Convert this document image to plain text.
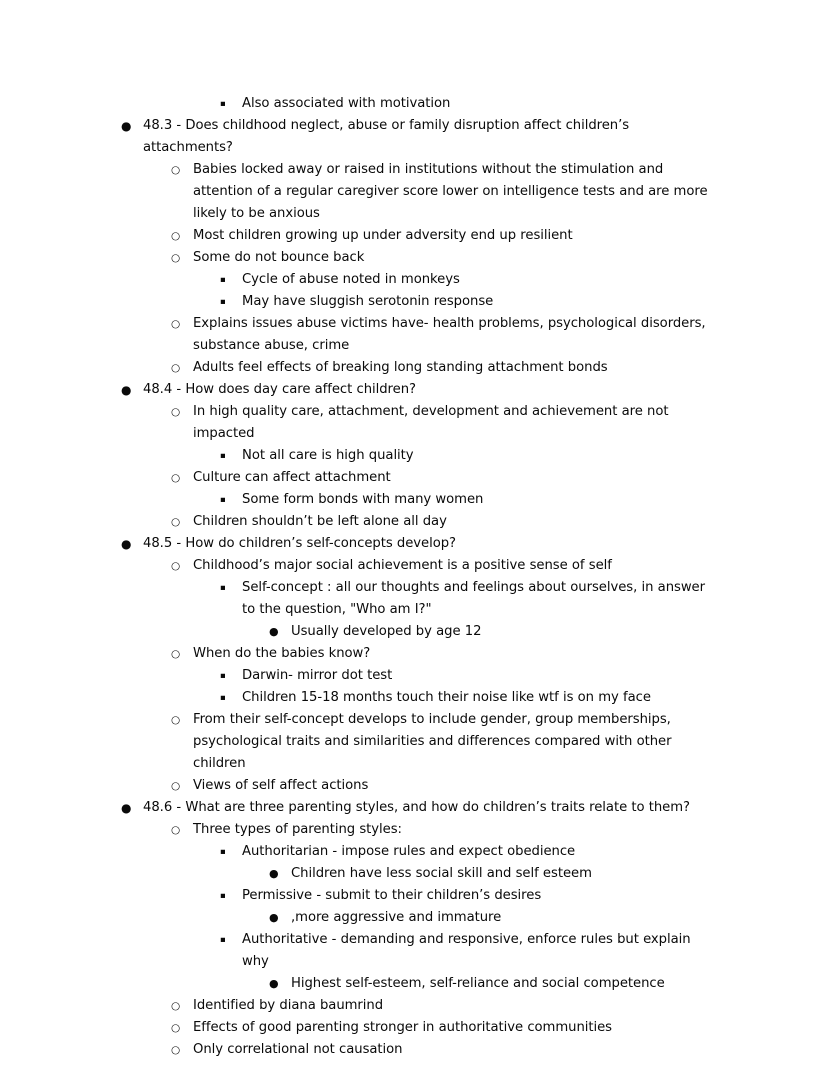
▪ Also associated with motivation
● 48.3 - Does childhood neglect, abuse or family disruption affect children’s attachments?
○ Babies locked away or raised in institutions without the stimulation and attention of a regular caregiver score lower on intelligence tests and are more likely to be anxious
○ Most children growing up under adversity end up resilient
○ Some do not bounce back
▪ Cycle of abuse noted in monkeys
▪ May have sluggish serotonin response
○ Explains issues abuse victims have- health problems, psychological disorders, substance abuse, crime
○ Adults feel effects of breaking long standing attachment bonds
● 48.4 - How does day care affect children?
○ In high quality care, attachment, development and achievement are not impacted
▪ Not all care is high quality
○ Culture can affect attachment
▪ Some form bonds with many women
○ Children shouldn’t be left alone all day
● 48.5 - How do children’s self-concepts develop?
○ Childhood’s major social achievement is a positive sense of self
▪ Self-concept : all our thoughts and feelings about ourselves, in answer to the question, "Who am I?"
● Usually developed by age 12
○ When do the babies know?
▪ Darwin- mirror dot test
▪ Children 15-18 months touch their noise like wtf is on my face
○ From their self-concept develops to include gender, group memberships, psychological traits and similarities and differences compared with other children
○ Views of self affect actions
● 48.6 - What are three parenting styles, and how do children’s traits relate to them?
○ Three types of parenting styles:
▪ Authoritarian - impose rules and expect obedience
● Children have less social skill and self esteem
▪ Permissive - submit to their children’s desires
● ,more aggressive and immature
▪ Authoritative - demanding and responsive, enforce rules but explain why
● Highest self-esteem, self-reliance and social competence
○ Identified by diana baumrind
○ Effects of good parenting stronger in authoritative communities
○ Only correlational not causation
